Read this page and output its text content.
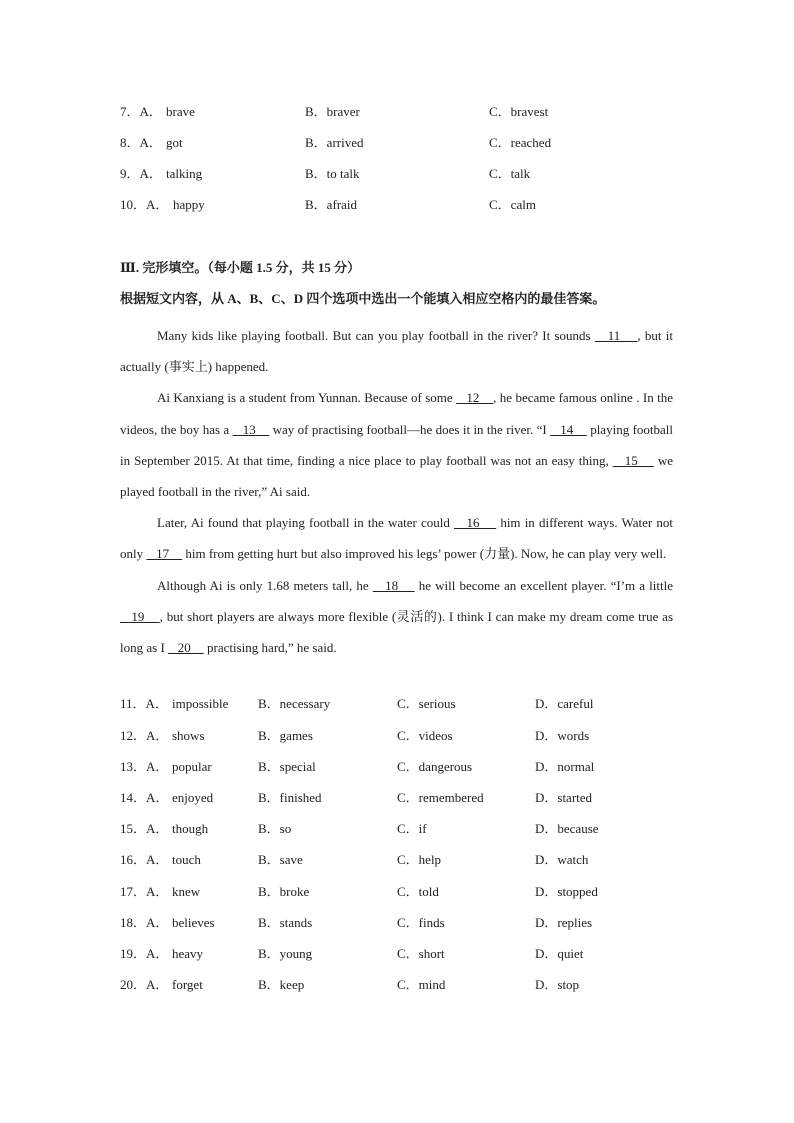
7．A． brave	B．braver	C．bravest
8．A． got	B．arrived	C．reached
9．A． talking	B．to talk	C．talk
10．A． happy	B．afraid	C．calm
Ⅲ. 完形填空。（每小题 1.5 分，共 15 分）
根据短文内容，从 A、B、C、D 四个选项中选出一个能填入相应空格内的最佳答案。

Many kids like playing football. But can you play football in the river? It sounds    11    , but it actually (事实上) happened.

Ai Kanxiang is a student from Yunnan. Because of some    12    , he became famous online . In the videos, the boy has a    13     way of practising football—he does it in the river. “I    14     playing football in September 2015. At that time, finding a nice place to play football was not an easy thing,    15     we played football in the river,” Ai said.

Later, Ai found that playing football in the water could    16     him in different ways. Water not only    17     him from getting hurt but also improved his legs’ power (力量). Now, he can play very well.

Although Ai is only 1.68 meters tall, he    18     he will become an excellent player. “I’m a little    19    , but short players are always more flexible (灵活的). I think I can make my dream come true as long as I    20     practising hard,” he said.

11．A． impossible B．necessary	C．serious	D．careful
12．A． shows	B．games	C．videos	D．words
13．A． popular	B．special	C．dangerous	D．normal
14．A． enjoyed	B．finished	C．remembered	D．started
15．A． though	B．so	C．if	D．because
16．A． touch	B．save	C．help	D．watch
17．A． knew	B．broke	C．told	D．stopped
18．A． believes	B．stands	C．finds	D．replies
19．A． heavy	B．young	C．short	D．quiet
20．A． forget	B．keep	C．mind	D．stop
